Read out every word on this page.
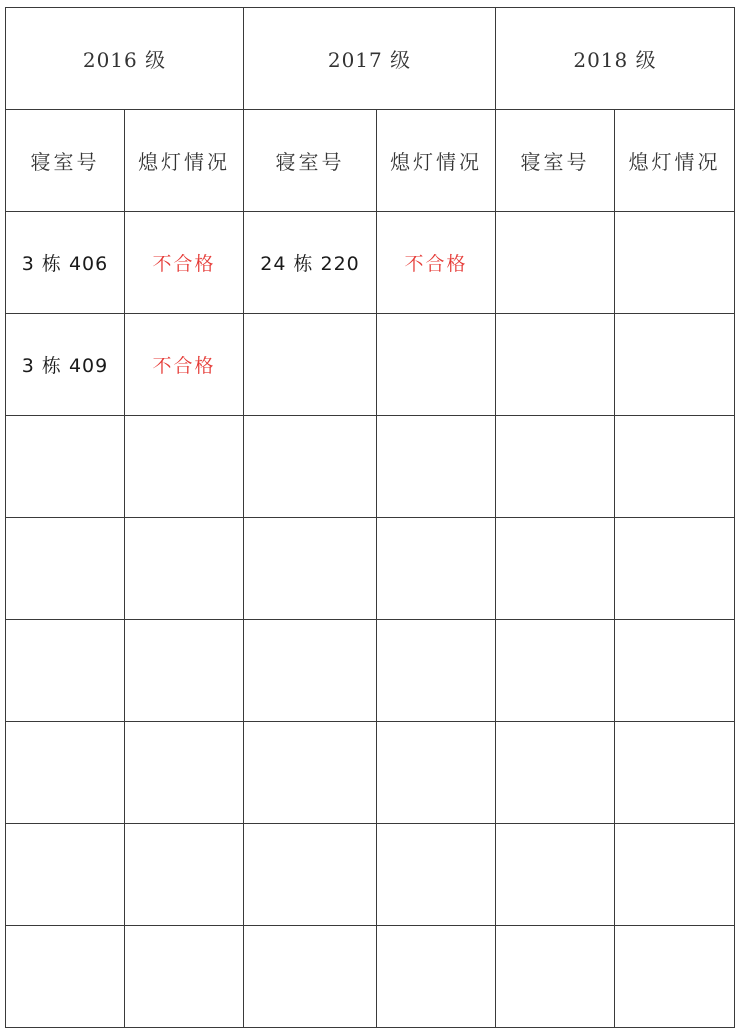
2016 级		2017 级		2018 级	
寝室号	熄灯情况	寝室号	熄灯情况	寝室号	熄灯情况
3 栋 406	不合格	24 栋 220	不合格		
3 栋 409	不合格				
